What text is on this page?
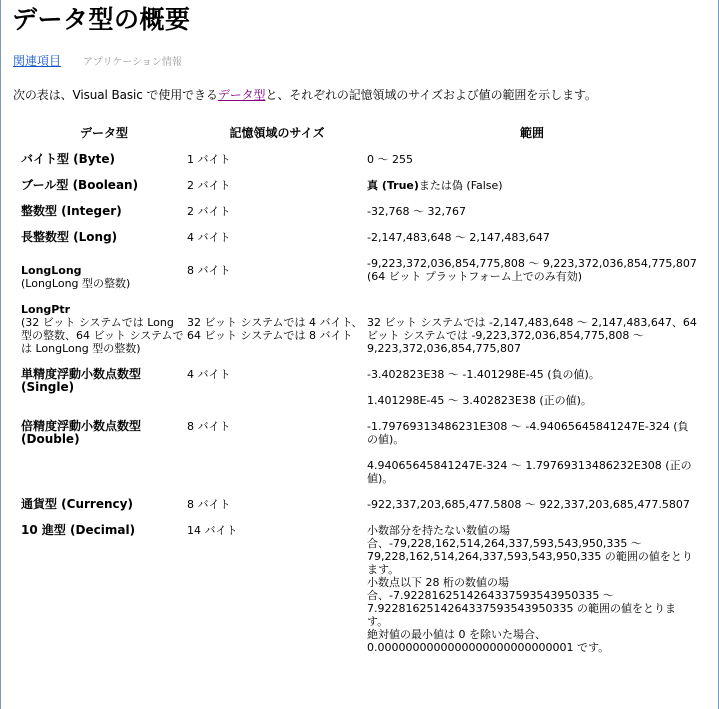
データ型の概要
関連項目 アプリケーション情報
次の表は、Visual Basic で使用できるデータ型と、それぞれの記憶領域のサイズおよび値の範囲を示します。
データ型	記憶領域のサイズ	範囲
バイト型 (Byte)	1 バイト	0 ～ 255
ブール型 (Boolean)	2 バイト	真 (True)または偽 (False)
整数型 (Integer)	2 バイト	-32,768 ～ 32,767
長整数型 (Long)	4 バイト	-2,147,483,648 ～ 2,147,483,647

LongLong
(LongLong 型の整数)	8 バイト	-9,223,372,036,854,775,808 ～ 9,223,372,036,854,775,807 (64 ビット プラットフォーム上でのみ有効)

LongPtr
(32 ビット システムでは Long 型の整数、64 ビット システムでは LongLong 型の整数)	32 ビット システムでは 4 バイト、64 ビット システムでは 8 バイト	32 ビット システムでは -2,147,483,648 ～ 2,147,483,647、64 ビット システムでは -9,223,372,036,854,775,808 ～ 9,223,372,036,854,775,807
単精度浮動小数点数型 (Single)	4 バイト	-3.402823E38 ～ -1.401298E-45 (負の値)。
1.401298E-45 ～ 3.402823E38 (正の値)。

倍精度浮動小数点数型 (Double)	8 バイト	-1.79769313486231E308 ～ -4.94065645841247E-324 (負の値)。
4.94065645841247E-324 ～ 1.79769313486232E308 (正の値)。

通貨型 (Currency)	8 バイト	-922,337,203,685,477.5808 ～ 922,337,203,685,477.5807
10 進型 (Decimal)	14 バイト	小数部分を持たない数値の場合、-79,228,162,514,264,337,593,543,950,335 ～ 79,228,162,514,264,337,593,543,950,335 の範囲の値をとります。
小数点以下 28 桁の数値の場合、-7.9228162514264337593543950335 ～ 7.9228162514264337593543950335 の範囲の値をとります。
絶対値の最小値は 0 を除いた場合、0.0000000000000000000000000001 です。
